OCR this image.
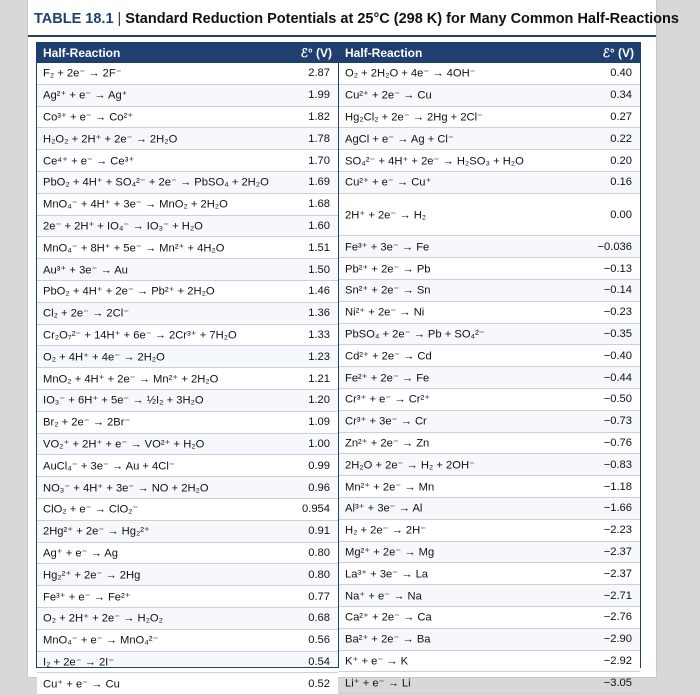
TABLE 18.1 | Standard Reduction Potentials at 25°C (298 K) for Many Common Half-Reactions
Half-Reaction	ℰ° (V)
F₂ + 2e⁻ → 2F⁻	2.87
Ag²⁺ + e⁻ → Ag⁺	1.99
Co³⁺ + e⁻ → Co²⁺	1.82
H₂O₂ + 2H⁺ + 2e⁻ → 2H₂O	1.78
Ce⁴⁺ + e⁻ → Ce³⁺	1.70
PbO₂ + 4H⁺ + SO₄²⁻ + 2e⁻ → PbSO₄ + 2H₂O	1.69
MnO₄⁻ + 4H⁺ + 3e⁻ → MnO₂ + 2H₂O	1.68
2e⁻ + 2H⁺ + IO₄⁻ → IO₃⁻ + H₂O	1.60
MnO₄⁻ + 8H⁺ + 5e⁻ → Mn²⁺ + 4H₂O	1.51
Au³⁺ + 3e⁻ → Au	1.50
PbO₂ + 4H⁺ + 2e⁻ → Pb²⁺ + 2H₂O	1.46
Cl₂ + 2e⁻ → 2Cl⁻	1.36
Cr₂O₇²⁻ + 14H⁺ + 6e⁻ → 2Cr³⁺ + 7H₂O	1.33
O₂ + 4H⁺ + 4e⁻ → 2H₂O	1.23
MnO₂ + 4H⁺ + 2e⁻ → Mn²⁺ + 2H₂O	1.21
IO₃⁻ + 6H⁺ + 5e⁻ → ½I₂ + 3H₂O	1.20
Br₂ + 2e⁻ → 2Br⁻	1.09
VO₂⁺ + 2H⁺ + e⁻ → VO²⁺ + H₂O	1.00
AuCl₄⁻ + 3e⁻ → Au + 4Cl⁻	0.99
NO₃⁻ + 4H⁺ + 3e⁻ → NO + 2H₂O	0.96
ClO₂ + e⁻ → ClO₂⁻	0.954
2Hg²⁺ + 2e⁻ → Hg₂²⁺	0.91
Ag⁺ + e⁻ → Ag	0.80
Hg₂²⁺ + 2e⁻ → 2Hg	0.80
Fe³⁺ + e⁻ → Fe²⁺	0.77
O₂ + 2H⁺ + 2e⁻ → H₂O₂	0.68
MnO₄⁻ + e⁻ → MnO₄²⁻	0.56
I₂ + 2e⁻ → 2I⁻	0.54
Cu⁺ + e⁻ → Cu	0.52
Half-Reaction	ℰ° (V)
O₂ + 2H₂O + 4e⁻ → 4OH⁻	0.40
Cu²⁺ + 2e⁻ → Cu	0.34
Hg₂Cl₂ + 2e⁻ → 2Hg + 2Cl⁻	0.27
AgCl + e⁻ → Ag + Cl⁻	0.22
SO₄²⁻ + 4H⁺ + 2e⁻ → H₂SO₃ + H₂O	0.20
Cu²⁺ + e⁻ → Cu⁺	0.16
2H⁺ + 2e⁻ → H₂	0.00
Fe³⁺ + 3e⁻ → Fe	−0.036
Pb²⁺ + 2e⁻ → Pb	−0.13
Sn²⁺ + 2e⁻ → Sn	−0.14
Ni²⁺ + 2e⁻ → Ni	−0.23
PbSO₄ + 2e⁻ → Pb + SO₄²⁻	−0.35
Cd²⁺ + 2e⁻ → Cd	−0.40
Fe²⁺ + 2e⁻ → Fe	−0.44
Cr³⁺ + e⁻ → Cr²⁺	−0.50
Cr³⁺ + 3e⁻ → Cr	−0.73
Zn²⁺ + 2e⁻ → Zn	−0.76
2H₂O + 2e⁻ → H₂ + 2OH⁻	−0.83
Mn²⁺ + 2e⁻ → Mn	−1.18
Al³⁺ + 3e⁻ → Al	−1.66
H₂ + 2e⁻ → 2H⁻	−2.23
Mg²⁺ + 2e⁻ → Mg	−2.37
La³⁺ + 3e⁻ → La	−2.37
Na⁺ + e⁻ → Na	−2.71
Ca²⁺ + 2e⁻ → Ca	−2.76
Ba²⁺ + 2e⁻ → Ba	−2.90
K⁺ + e⁻ → K	−2.92
Li⁺ + e⁻ → Li	−3.05
